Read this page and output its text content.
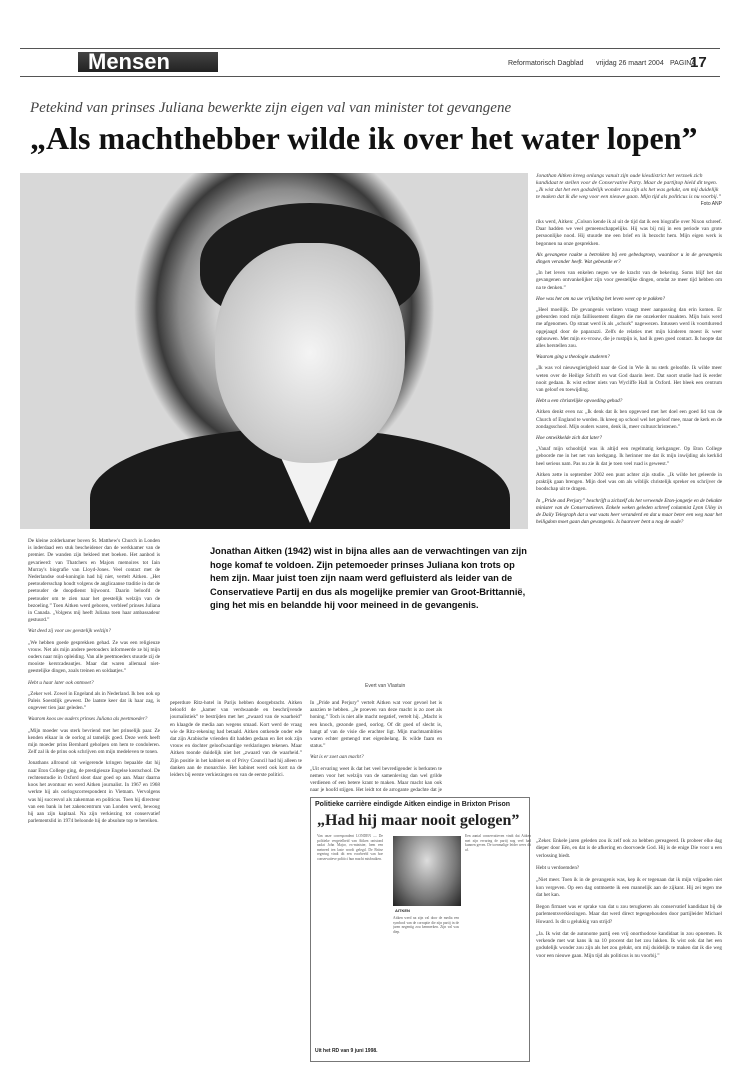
Mensen	Reformatorisch Dagblad vrijdag 26 maart 2004 PAGINA
17
Petekind van prinses Juliana bewerkte zijn eigen val van minister tot gevangene
„Als machthebber wilde ik over het water lopen”
Jonathan Aitken kreeg onlangs vanuit zijn oude kiesdistrict het verzoek zich kandidaat te stellen voor de Conservative Party. Maar de partijtop hield dit tegen. „Ik wist dat het een godsdelijk wonder zou zijn als het was gelukt, om mij duidelijk te maken dat ik die weg voor een nieuwe gaan. Mijn tijd als politicus is nu voorbij.”
Foto ANP

riks werd, Aitken: „Colson kende ik al uit de tijd dat ik een biografie over Nixon schreef. Daar hadden we veel gemeenschappelijks. Hij was bij mij in een periode van grote persoonlijke nood. Hij stuurde me een brief en ik bezocht hem. Mijn eigen werk is begonnen na onze gesprekken.

Als gevangene raakte u betrokken bij een gebedsgroep, waardoor u in de gevangenis dingen verander heeft. Wat gebeurde er?

„In het leven van enkelen negen we de kracht van de bekering. Soms blijf het dat gevangenen ontvankelijker zijn voor geestelijke dingen, omdat ze meer tijd hebben om na te denken.”

Hoe was het om na uw vrijlating het leven weer op te pakken?

„Heel moeilijk. De gevangenis verlaten vraagt meer aanpassing dan erin komen. Er gebeurden rond mijn faillissement dingen die me onzekerder maakten. Mijn huis werd me afgenomen. Op straat werd ik als „schurk” nagewezen. Intussen werd ik voortdurend opgejaagd door de paparazzi. Zelfs de relaties met mijn kinderen moest ik weer opbouwen. Met mijn ex-vrouw, die je rustpijn is, had ik geen goed contact. Ik hoopte dat alles herstellen zou.

Waarom ging u theologie studeren?

„Ik was vol nieuwsgierigheid naar de God in Wie ik nu sterk geloofde. Ik wilde meer weten over de Heilige Schrift en wat God daarin leert. Dat soort studie had ik eerder nooit gedaan. Ik wist echter niets van Wycliffe Hall in Oxford. Het bleek een centrum van geloof en toewijding.

Hebt u een christelijke opvoeding gehad?

Aitken denkt even na: „Ik denk dat ik ben opgevoed met het doel een goed lid van de Church of England te worden. Ik kreeg op school wel het geloof mee, maar de kerk en de zondagsschool. Mijn ouders waren, denk ik, meer cultuurchristenen.”

Hoe ontwikkelde zich dat later?

„Vanaf mijn schooltijd was ik altijd een regelmatig kerkganger. Op Eton College geboorde me in het net van kerkgang. Ik herinner me dat ik mijn inwijding als kerklid heel serieus nam. Pas nu zie ik dat je toen veel ruad is geweest.”

Aitken zette in september 2002 een punt achter zijn studie. „Ik wilde het geleerde in praktijk gaan brengen. Mijn doel was om als wiblijk christelijk spreker en schrijver de boodschap uit te dragen.

In „Pride and Perjury” beschrijft u zichzelf als het verwende Eton-jongetje en de bekakte minister van de Conservatieven. Enkele weken geleden schreef columnist Lynn Uiley in de Daily Telegraph dat u wat vaats heer veranderd en dat u maar beter een weg naar het heiligdom moet gaan dan gevangenis. Is haarover bent u nog de oude?

„Zeker. Enkele jaren geleden zou ik zelf ook zo hebben gereageerd. Ik probeer elke dag dieper door Eén, en dat is de afkering en doorvoede God. Hij is de enige Die voor u een verlossing biedt.

Hebt u verdoemden?

„Niet meer. Toen ik in de gevangenis was, kep ik er tegenaan dat ik mijn vrijpaden niet kon vergeven. Op een dag ontmoette ik een mannelijk aan de zijkant. Hij zei tegen me dat het kan.

Begon firmaet was er sprake van dat u zou terugkeren als conservatief kandidaat bij de parlementsverkiezingen. Maar dat werd direct tegengehouden door partijleider Michael Howard. Is dit u gelukkig van strijd?

„Ja. Ik wist dat de autonome partij een vrij onorthodoxe kandidaat in zou opnemen. Ik verkende met wat kans ik na 10 procent dat het zou lukken. Ik wist ook dat het een godsdelijk wonder zou zijn als het zou gelukt, om mij duidelijk te maken dat ik die weg voor een nieuwe gaan. Mijn tijd als politicus is nu voorbij.”

De kleine zolderkamer boven St. Matthew's Church in Londen is inderdaad een stuk bescheidener dan de werkkamer van de premier. De wanden zijn bekleed met boeken. Het aanbod is gevarieerd: van Thatchers en Majors memoires tot Iain Murray's biografie van Lloyd-Jones. Veel contact met de Nederlandse oud-koningin had hij niet, vertelt Aitken. „Het peetoudersschap houdt volgens de anglicaanse traditie in dat de peetouder de doopdienst bijwoont. Daarin beloofd de peetouder om te zien naar het geestelijk welzijn van de bezoeling.” Toen Aitken werd geboren, verbleef prinses Juliana in Canada. „Volgens mij heeft Juliana toen haar ambassadeur gestuurd.”

Wat deed zij voor uw geestelijk welzijn?

„We hebben goede gesprekken gehad. Ze was een religieuze vrouw. Net als mijn andere peetouders informeerde ze bij mijn ouders naar mijn opleiding. Van alle peetmoeders stuurde zij de mooiste kerstcadeautjes. Maar dat waren allemaal niet-geestelijke dingen, zoals treinen en soldaatjes.”

Hebt u haar later ook ontmoet?

„Zeker wel. Zowel in Engeland als in Nederland. Ik ben ook op Paleis Soestdijk geweest. De laatste keer dat ik haar zag, is ongeveer tien jaar geleden.”

Waarom koos uw ouders prinses Juliana als peetmoeder?

„Mijn moeder was sterk bevriend met het prinselijk paar. Ze kenden elkaar in de oorlog al tamelijk goed. Deze werk heeft mijn moeder prins Bernhard geholpen om hem te condoleren. Zelf zal ik de prins ook schrijven om mijn medeleven te tonen.

Jonathans allround uit weigerende kringen bepaalde dat hij naar Eton College ging, de prestigieuze Engelse kostschool. De rechtenstudie in Oxford sloot daar goed op aan. Maar daarna koos het avontuur en werd Aitken journalist. In 1967 en 1968 werkte hij als oorlogscorrespondent in Vietnam. Vervolgens was hij succesvol als zakenman en politicus. Toen hij directeur van een bank in het zakencentrum van Londen werd, bewoog hij aan zijn kapitaal. Na zijn verkiezing tot conservatief parlementslid in 1974 beloonde hij de absolute top te bereiken.

Jonathan Aitken (1942) wist in bijna alles aan de verwachtingen van zijn hoge komaf te voldoen. Zijn petemoeder prinses Juliana kon trots op hem zijn. Maar juist toen zijn naam werd gefluisterd als leider van de Conservatieve Partij en dus als mogelijke premier van Groot-Brittannië, ging het mis en belandde hij voor meineed in de gevangenis.
Evert van Vlastuin

peperdure Ritz-hotel in Parijs hebben doorgebracht. Aitken beloofd de „kamer van verdwaande en beschrijvende journalistiek” te bestrijden met het „zwaard van de waarheid” en klaagde de media aan wegens smaad. Kort werd de vraag wie de Ritz-rekening had betaald. Aitken ontkende onder ede dat zijn Arabische vrienden dit hadden gedaan en liet ook zijn vrouw en dochter geloofwaardige verklaringen tekenen. Maar Aitken toonde duidelijk niet het „zwaard van de waarheid.” Zijn positie in het kabinet en of Privy Council had hij alleen te danken aan de monarchie. Het kabinet werd ook kort na de leiders bij eerste verkiezingen en van de eerste politici.

In „Pride and Perjury” vertelt Aitken wat voor gevoel het is aanzien te hebben. „Je proeven van deze macht is zo zoet als honing.” Toch is niet alle macht negatief, vertelt hij. „Macht is een knoch, gezonde goed, oorlog. Of dit goed of slecht is, hangt af van de visie die erachter ligt. Mijn machtsambities waren echter gemengd met eigenbelang. Ik wilde faam en status.”

Wat is er zoet aan macht?

„Uit ervaring weet ik dat het veel bevredigender is berkuten te nemen voor het welzijn van de samenleving dan wel grilde verdienen of een betere krant te maken. Maar macht kan ook naar je hoofd stijgen. Het leidt tot de arrogante gedachte dat je

Politieke carrière eindigde Aitken eindige in Brixton Prison
„Had hij maar nooit gelogen”
Van onze correspondent LONDEN — De politieke vergetelheid van Aitken ontstond nadat John Major, ex-minister, hem een meineed ten laste wordt gelegd. De Britse regering vindt dit een voorbeeld van hoe conservatieve politici hun macht misbruiken.
AITKEN
Aitken werd na zijn val door de media een symbool van de corruptie die zijn partij in de jaren negentig zou kenmerken. Zijn val was diep.
Een aantal conservatieven vindt dat Aitken met zijn ervaring de partij nog veel had kunnen geven. De toenmalige leider wees dit af.
Uit het RD van 9 juni 1998.
